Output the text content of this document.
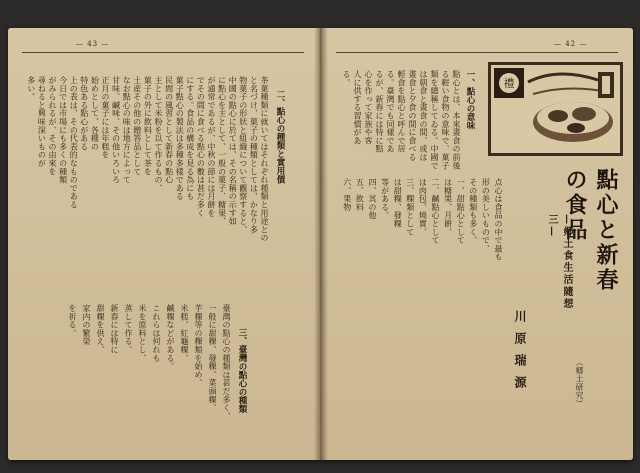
— 43 —
二、點心の種類と實用價
茶菓種類に就いてはそれぞれ種類と用途との
と名づけ、菓子の種類としては、かなり多
物菓子の形狀と組織について觀察すると、
中國の點心に於ては、その名稱の示す如
に點心を主として、一般の菓子、糖果、
が通常であるが、中秋の節には月餅を
でその間に食べる點心の數は甚だ多く
にする。食品の構成を見る為にも
菓子點心の製法は多種多樣である
民間の風習として新春の點心
主として米粉を以て作るもの、
菓子の外に飲料として茶を
土産その他の贈答品として
なお點心の味は地方によって
甘味、鹹味、その他いろいろ
正月の菓子には年糕を
始めとして、各種の
特色ある點心がある
上の表は、その代表的なものである
今日では市場にも多くの種類
がみられるが、その由來を
尋ねると興味深いものが
多い。
三、臺灣の點心の種類
臺灣の點心の種類は甚だ多く、
一般に甜粿、發粿、菜頭粿、
芋粿等の粿類を始め、
米糕、紅龜粿、
鹹粿などがある。
これらは何れも
米を原料とし、
蒸して作る。
新春には特に
甜粿を供え、
家内の繁榮
を祈る。
— 42 —
一、點心の意味
點心とは、本來晝食の前後
る輕い食物の意味で、菓子
類を總稱してゐる。中國で
は朝食と晝食の間、或は
晝食と夕食の間に食べる
輕食を點心と呼んで居
る。臺灣でも同樣であ
るが、新春には特に點
心を作って家族や客
人に供する習慣があ
る。	禮
點心と新春の食品
—郷土食生活隨想 三—
川原瑞源	（郷土研究）
点心は食品の中で最も
形の美しいもので、
その種類も多く、
一、甜點心として
は糖果、月餅、
二、鹹點心として
は肉包、燒賣、
三、粿類として
は甜粿、發粿
等がある。
四、其の他
五、飲料
六、果物
